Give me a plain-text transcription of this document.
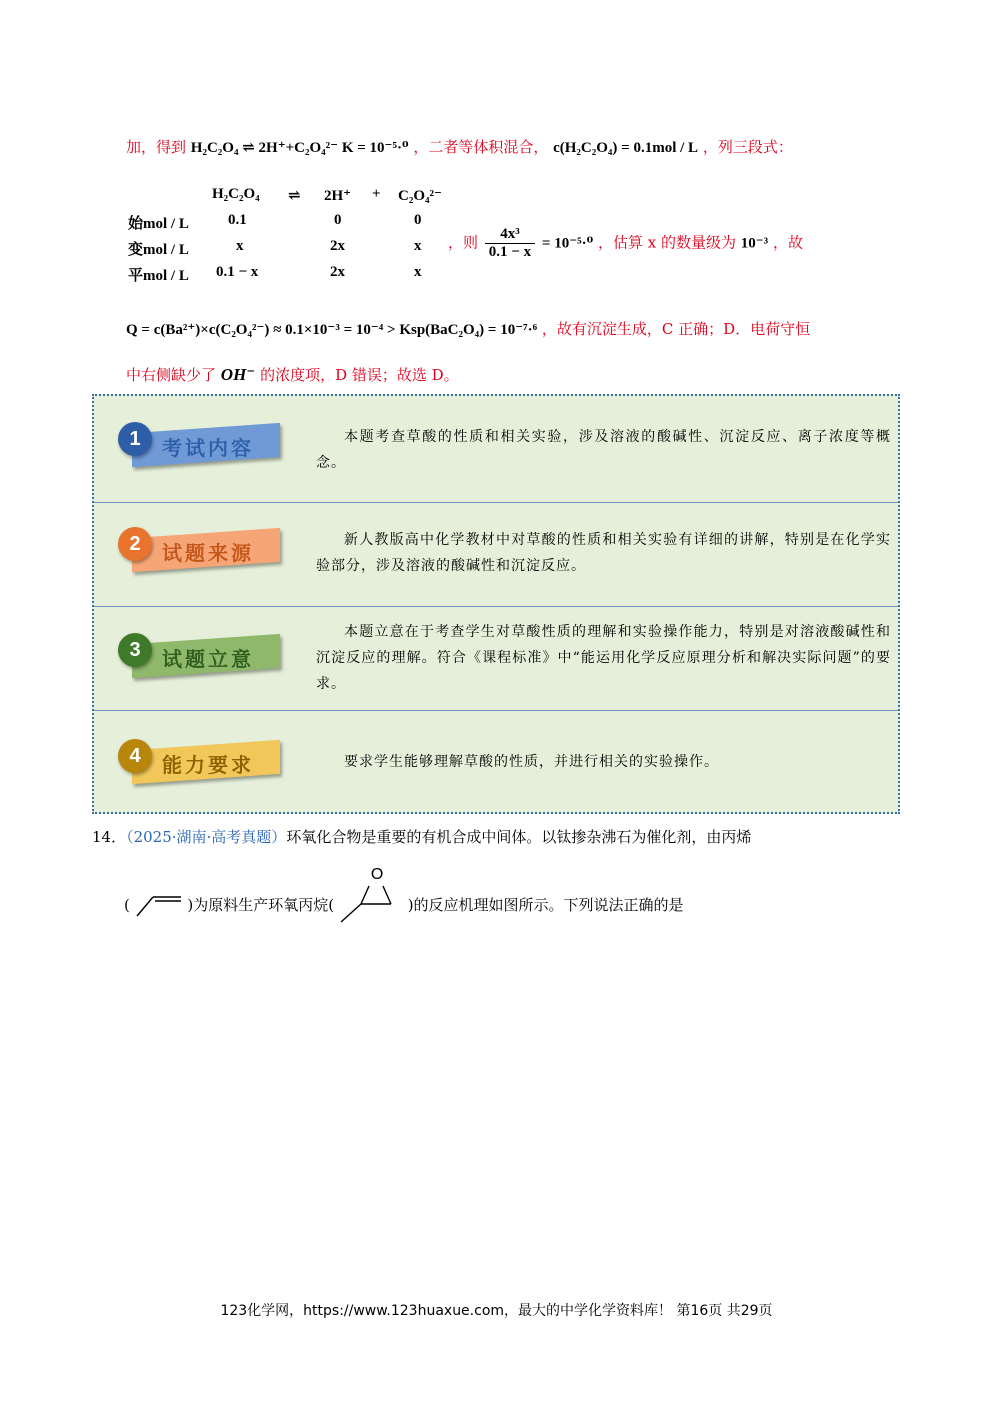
加，得到 H₂C₂O₄ ⇌ 2H⁺+C₂O₄²⁻ K = 10⁻⁵·⁰ ，二者等体积混合， c(H₂C₂O₄) = 0.1mol / L ，列三段式：
H₂C₂O₄ ⇌ 2H⁺ + C₂O₄²⁻
始mol / L	0.1	0	0
变mol / L	x	2x	x
平mol / L 0.1 − x	2x	x
，则 $\frac{\text{4x³}}{0.1 - x} = 10^{-5}\cdot^0$ ，估算 x 的数量级为 10⁻³ ，故
Q = c(Ba²⁺)×c(C₂O₄²⁻) ≈ 0.1×10⁻³ = 10⁻⁴ > Ksp(BaC₂O₄) = 10⁻⁷·⁶ ，故有沉淀生成，C 正确；D．电荷守恒
中右侧缺少了 OH⁻ 的浓度项，D 错误；故选 D。
1	考试内容	本题考查草酸的性质和相关实验，涉及溶液的酸碱性、沉淀反应、离子浓度等概念。
2	试题来源
新人教版高中化学教材中对草酸的性质和相关实验有详细的讲解，特别是在化学实验部分，涉及溶液的酸碱性和沉淀反应。
3	试题立意
本题立意在于考查学生对草酸性质的理解和实验操作能力，特别是对溶液酸碱性和沉淀反应的理解。符合《课程标准》中“能运用化学反应原理分析和解决实际问题”的要求。
4	能力要求	要求学生能够理解草酸的性质，并进行相关的实验操作。
14．（2025·湖南·高考真题）环氧化合物是重要的有机合成中间体。以钛掺杂沸石为催化剂，由丙烯
(	)为原料生产环氧丙烷(
O
)的反应机理如图所示。下列说法正确的是
123化学网，https://www.123huaxue.com，最大的中学化学资料库！ 第16页 共29页
